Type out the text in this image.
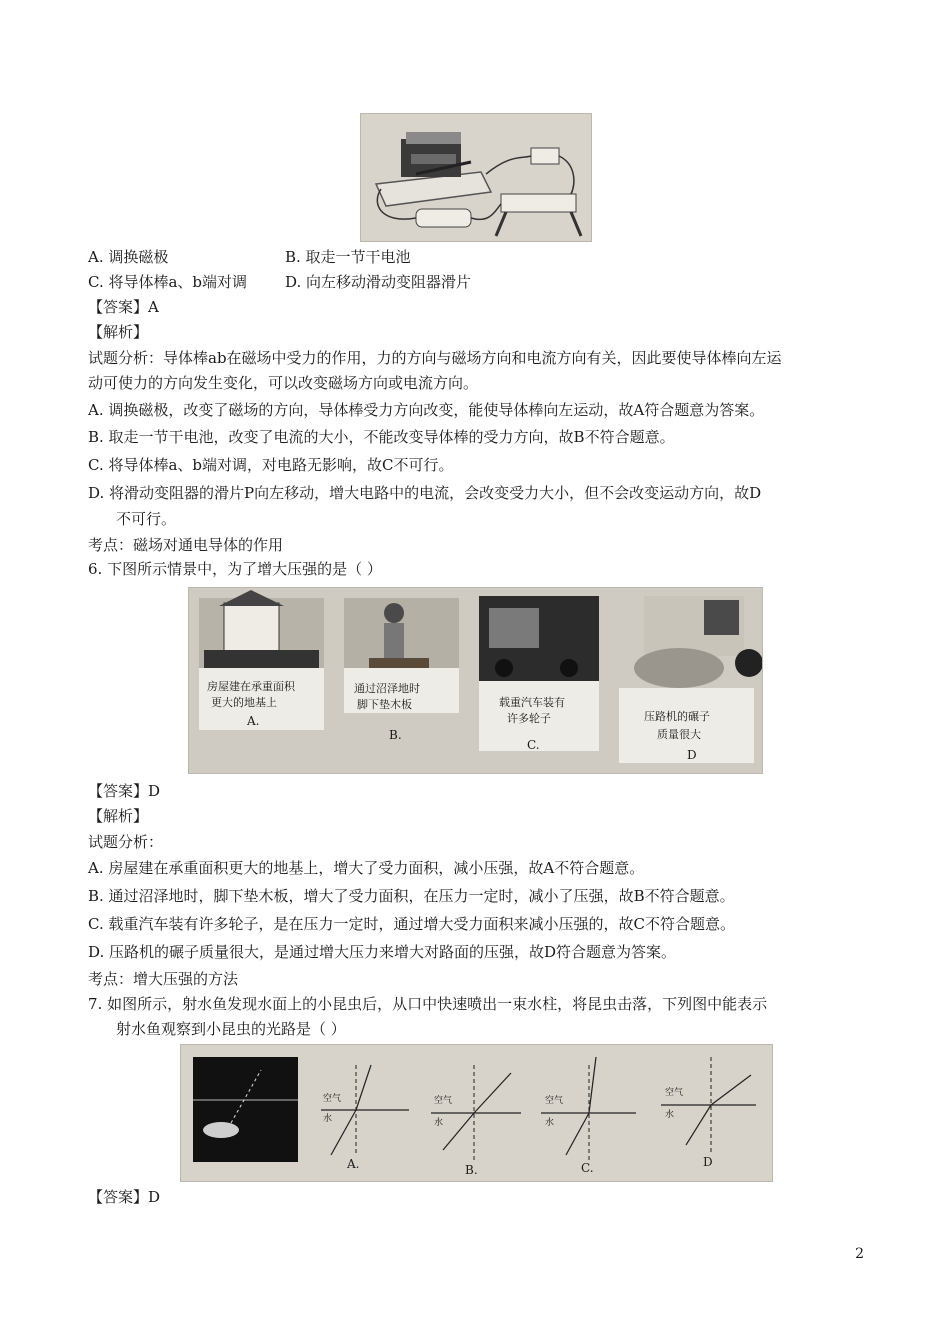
A. 调换磁极	B. 取走一节干电池
C. 将导体棒a、b端对调	D. 向左移动滑动变阻器滑片
【答案】A
【解析】
试题分析：导体棒ab在磁场中受力的作用，力的方向与磁场方向和电流方向有关，因此要使导体棒向左运
动可使力的方向发生变化，可以改变磁场方向或电流方向。
A. 调换磁极，改变了磁场的方向，导体棒受力方向改变，能使导体棒向左运动，故A符合题意为答案。
B. 取走一节干电池，改变了电流的大小，不能改变导体棒的受力方向，故B不符合题意。
C. 将导体棒a、b端对调，对电路无影响，故C不可行。
D. 将滑动变阻器的滑片P向左移动，增大电路中的电流，会改变受力大小，但不会改变运动方向，故D
不可行。
考点：磁场对通电导体的作用
6. 下图所示情景中，为了增大压强的是（ ）
房屋建在承重面积
更大的地基上
A.
通过沼泽地时
脚下垫木板
B.
载重汽车装有
许多轮子
C.
压路机的碾子
质量很大
D
【答案】D
【解析】
试题分析：
A. 房屋建在承重面积更大的地基上，增大了受力面积，减小压强，故A不符合题意。
B. 通过沼泽地时，脚下垫木板，增大了受力面积，在压力一定时，减小了压强，故B不符合题意。
C. 载重汽车装有许多轮子，是在压力一定时，通过增大受力面积来减小压强的，故C不符合题意。
D. 压路机的碾子质量很大，是通过增大压力来增大对路面的压强，故D符合题意为答案。
考点：增大压强的方法
7. 如图所示，射水鱼发现水面上的小昆虫后，从口中快速喷出一束水柱，将昆虫击落，下列图中能表示
射水鱼观察到小昆虫的光路是（ ）
空气
水
A.
空气
水
B.
空气
水
C.
空气
水
D
【答案】D
2
